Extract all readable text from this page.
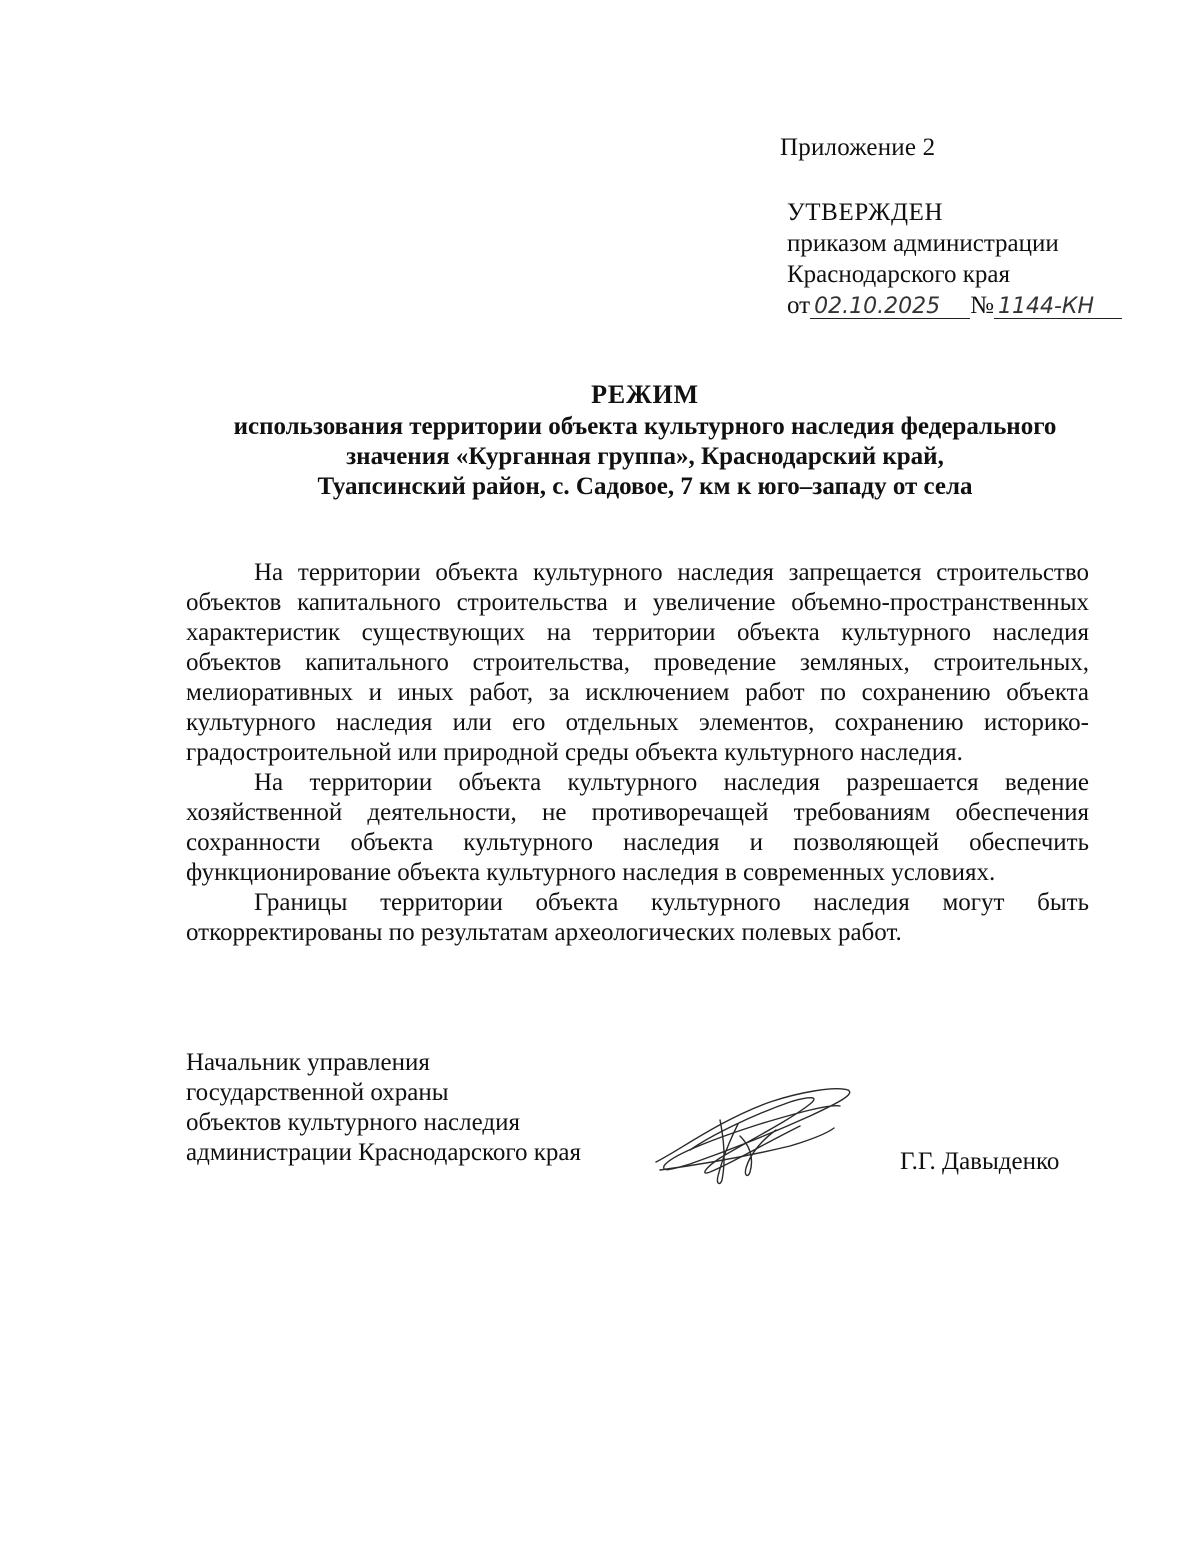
Приложение 2
УТВЕРЖДЕН
приказом администрации
Краснодарского края
от 02.10.2025 № 1144-КН
РЕЖИМ
использования территории объекта культурного наследия федерального
значения «Курганная группа», Краснодарский край,
Туапсинский район, с. Садовое, 7 км к юго–западу от села

На территории объекта культурного наследия запрещается строительство объектов капитального строительства и увеличение объемно-пространственных характеристик существующих на территории объекта культурного наследия объектов капитального строительства, проведение земляных, строительных, мелиоративных и иных работ, за исключением работ по сохранению объекта культурного наследия или его отдельных элементов, сохранению историко-градостроительной или природной среды объекта культурного наследия.

На территории объекта культурного наследия разрешается ведение хозяйственной деятельности, не противоречащей требованиям обеспечения сохранности объекта культурного наследия и позволяющей обеспечить функционирование объекта культурного наследия в современных условиях.

Границы территории объекта культурного наследия могут быть откорректированы по результатам археологических полевых работ.

Начальник управления
государственной охраны
объектов культурного наследия
администрации Краснодарского края	Г.Г. Давыденко
